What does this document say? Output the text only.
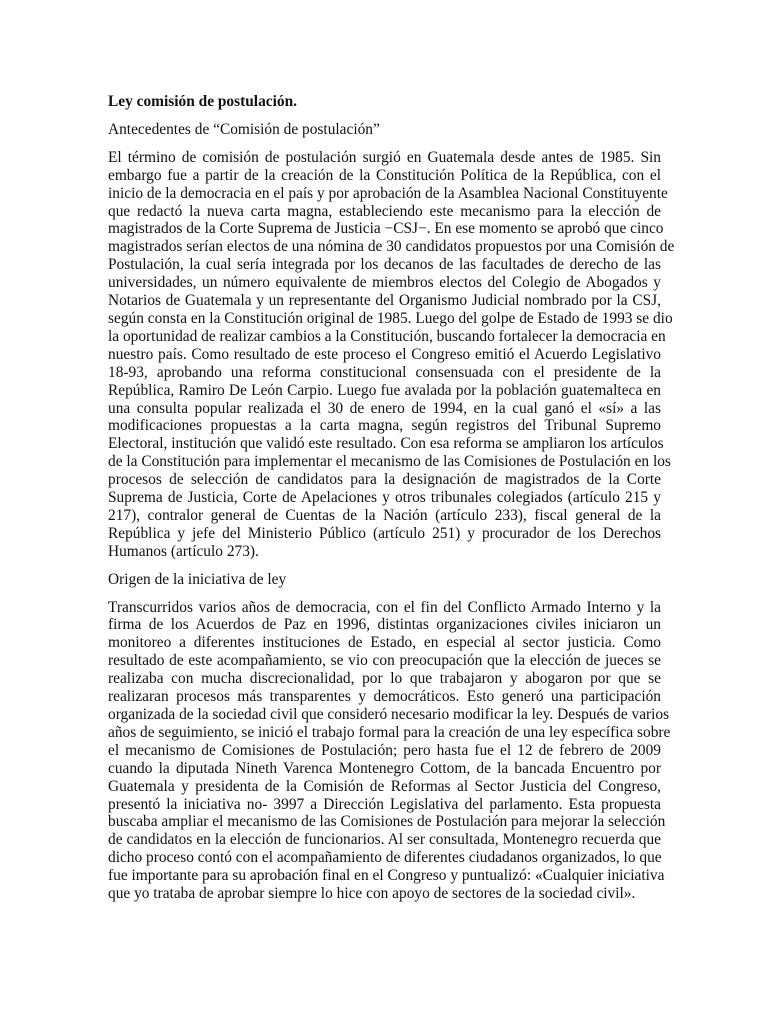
Ley comisión de postulación.

Antecedentes de “Comisión de postulación”

El término de comisión de postulación surgió en Guatemala desde antes de 1985. Sin
embargo fue a partir de la creación de la Constitución Política de la República, con el
inicio de la democracia en el país y por aprobación de la Asamblea Nacional Constituyente
que redactó la nueva carta magna, estableciendo este mecanismo para la elección de
magistrados de la Corte Suprema de Justicia −CSJ−. En ese momento se aprobó que cinco
magistrados serían electos de una nómina de 30 candidatos propuestos por una Comisión de
Postulación, la cual sería integrada por los decanos de las facultades de derecho de las
universidades, un número equivalente de miembros electos del Colegio de Abogados y
Notarios de Guatemala y un representante del Organismo Judicial nombrado por la CSJ,
según consta en la Constitución original de 1985. Luego del golpe de Estado de 1993 se dio
la oportunidad de realizar cambios a la Constitución, buscando fortalecer la democracia en
nuestro país. Como resultado de este proceso el Congreso emitió el Acuerdo Legislativo
18-93, aprobando una reforma constitucional consensuada con el presidente de la
República, Ramiro De León Carpio. Luego fue avalada por la población guatemalteca en
una consulta popular realizada el 30 de enero de 1994, en la cual ganó el «sí» a las
modificaciones propuestas a la carta magna, según registros del Tribunal Supremo
Electoral, institución que validó este resultado. Con esa reforma se ampliaron los artículos
de la Constitución para implementar el mecanismo de las Comisiones de Postulación en los
procesos de selección de candidatos para la designación de magistrados de la Corte
Suprema de Justicia, Corte de Apelaciones y otros tribunales colegiados (artículo 215 y
217), contralor general de Cuentas de la Nación (artículo 233), fiscal general de la
República y jefe del Ministerio Público (artículo 251) y procurador de los Derechos
Humanos (artículo 273).

Origen de la iniciativa de ley

Transcurridos varios años de democracia, con el fin del Conflicto Armado Interno y la
firma de los Acuerdos de Paz en 1996, distintas organizaciones civiles iniciaron un
monitoreo a diferentes instituciones de Estado, en especial al sector justicia. Como
resultado de este acompañamiento, se vio con preocupación que la elección de jueces se
realizaba con mucha discrecionalidad, por lo que trabajaron y abogaron por que se
realizaran procesos más transparentes y democráticos. Esto generó una participación
organizada de la sociedad civil que consideró necesario modificar la ley. Después de varios
años de seguimiento, se inició el trabajo formal para la creación de una ley específica sobre
el mecanismo de Comisiones de Postulación; pero hasta fue el 12 de febrero de 2009
cuando la diputada Nineth Varenca Montenegro Cottom, de la bancada Encuentro por
Guatemala y presidenta de la Comisión de Reformas al Sector Justicia del Congreso,
presentó la iniciativa no- 3997 a Dirección Legislativa del parlamento. Esta propuesta
buscaba ampliar el mecanismo de las Comisiones de Postulación para mejorar la selección
de candidatos en la elección de funcionarios. Al ser consultada, Montenegro recuerda que
dicho proceso contó con el acompañamiento de diferentes ciudadanos organizados, lo que
fue importante para su aprobación final en el Congreso y puntualizó: «Cualquier iniciativa
que yo trataba de aprobar siempre lo hice con apoyo de sectores de la sociedad civil».
